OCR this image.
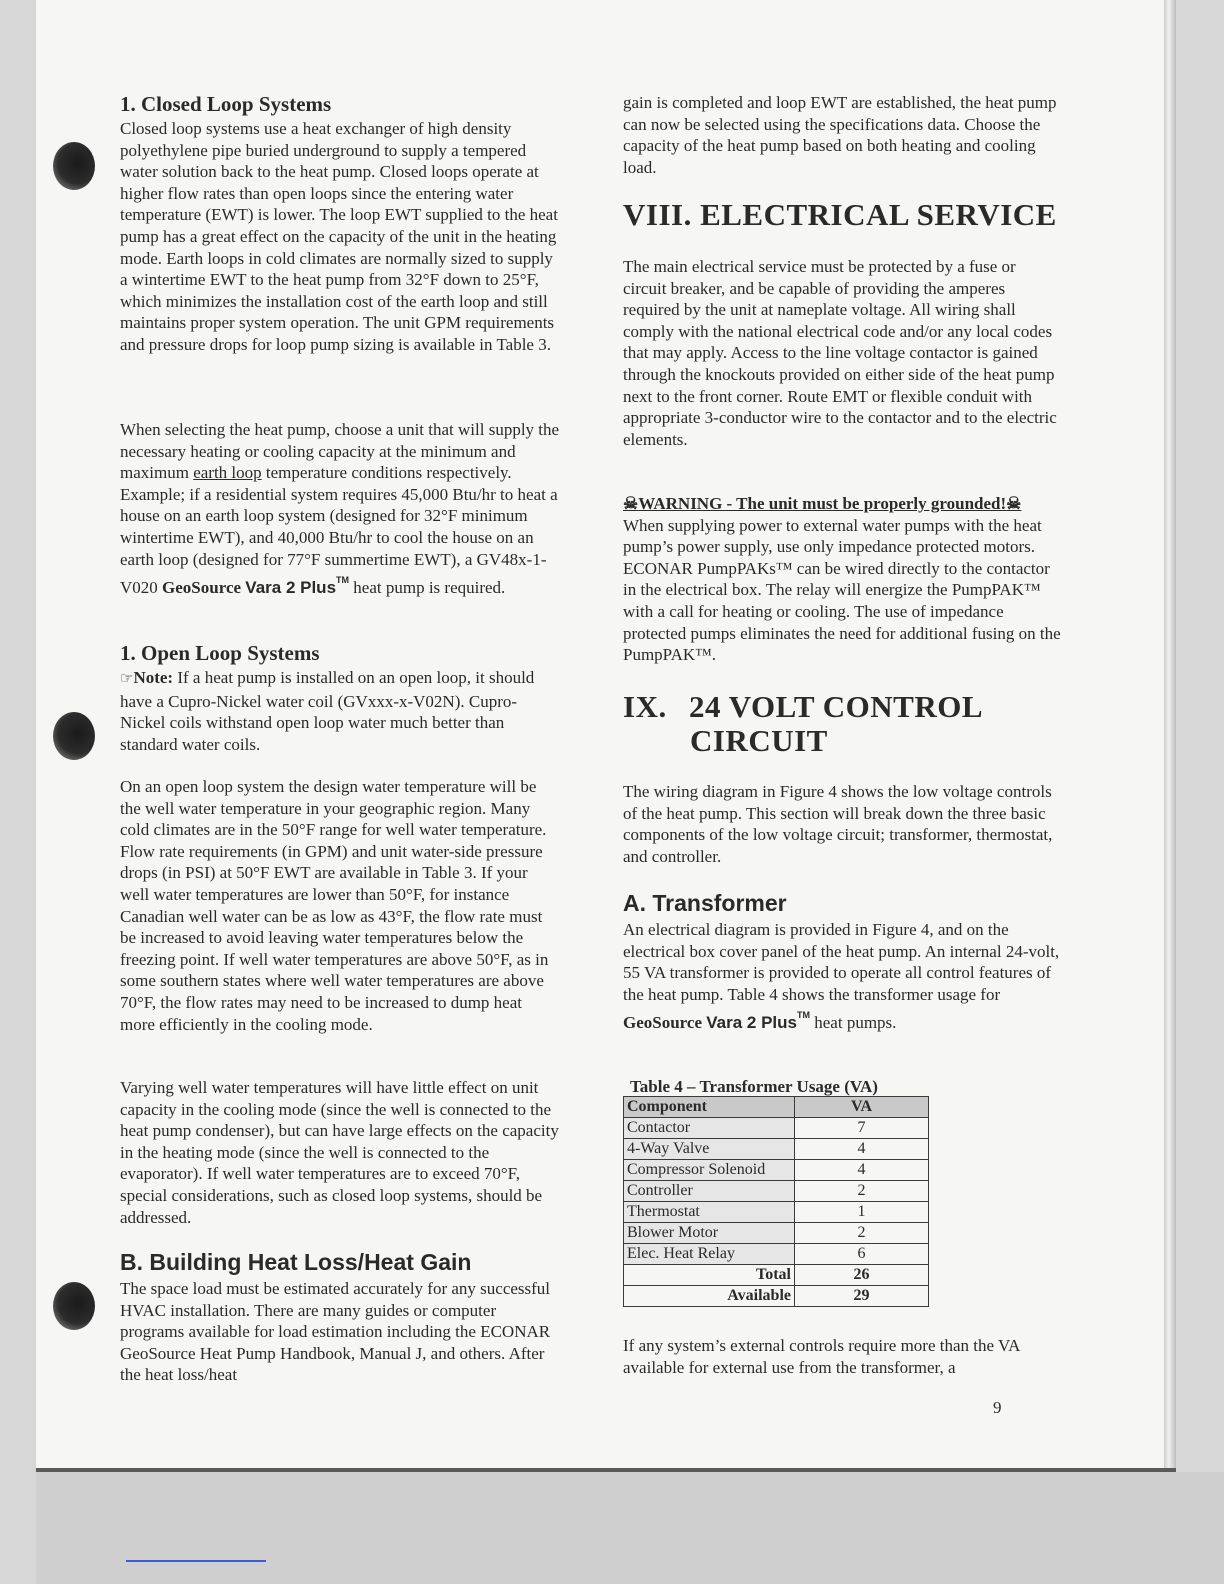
1. Closed Loop Systems

Closed loop systems use a heat exchanger of high density polyethylene pipe buried underground to supply a tempered water solution back to the heat pump. Closed loops operate at higher flow rates than open loops since the entering water temperature (EWT) is lower. The loop EWT supplied to the heat pump has a great effect on the capacity of the unit in the heating mode. Earth loops in cold climates are normally sized to supply a wintertime EWT to the heat pump from 32°F down to 25°F, which minimizes the installation cost of the earth loop and still maintains proper system operation. The unit GPM requirements and pressure drops for loop pump sizing is available in Table 3.

When selecting the heat pump, choose a unit that will supply the necessary heating or cooling capacity at the minimum and maximum earth loop temperature conditions respectively. Example; if a residential system requires 45,000 Btu/hr to heat a house on an earth loop system (designed for 32°F minimum wintertime EWT), and 40,000 Btu/hr to cool the house on an earth loop (designed for 77°F summertime EWT), a GV48x-1-V020 GeoSource Vara 2 Plus™ heat pump is required.

1. Open Loop Systems

☞Note: If a heat pump is installed on an open loop, it should have a Cupro-Nickel water coil (GVxxx-x-V02N). Cupro-Nickel coils withstand open loop water much better than standard water coils.

On an open loop system the design water temperature will be the well water temperature in your geographic region. Many cold climates are in the 50°F range for well water temperature. Flow rate requirements (in GPM) and unit water-side pressure drops (in PSI) at 50°F EWT are available in Table 3. If your well water temperatures are lower than 50°F, for instance Canadian well water can be as low as 43°F, the flow rate must be increased to avoid leaving water temperatures below the freezing point. If well water temperatures are above 50°F, as in some southern states where well water temperatures are above 70°F, the flow rates may need to be increased to dump heat more efficiently in the cooling mode.

Varying well water temperatures will have little effect on unit capacity in the cooling mode (since the well is connected to the heat pump condenser), but can have large effects on the capacity in the heating mode (since the well is connected to the evaporator). If well water temperatures are to exceed 70°F, special considerations, such as closed loop systems, should be addressed.

B. Building Heat Loss/Heat Gain

The space load must be estimated accurately for any successful HVAC installation. There are many guides or computer programs available for load estimation including the ECONAR GeoSource Heat Pump Handbook, Manual J, and others. After the heat loss/heat

gain is completed and loop EWT are established, the heat pump can now be selected using the specifications data. Choose the capacity of the heat pump based on both heating and cooling load.

VIII. ELECTRICAL SERVICE

The main electrical service must be protected by a fuse or circuit breaker, and be capable of providing the amperes required by the unit at nameplate voltage. All wiring shall comply with the national electrical code and/or any local codes that may apply. Access to the line voltage contactor is gained through the knockouts provided on either side of the heat pump next to the front corner. Route EMT or flexible conduit with appropriate 3-conductor wire to the contactor and to the electric elements.

☠WARNING - The unit must be properly grounded!☠
When supplying power to external water pumps with the heat pump’s power supply, use only impedance protected motors. ECONAR PumpPAKs™ can be wired directly to the contactor in the electrical box. The relay will energize the PumpPAK™ with a call for heating or cooling. The use of impedance protected pumps eliminates the need for additional fusing on the PumpPAK™.

IX. 24 VOLT CONTROL
CIRCUIT

The wiring diagram in Figure 4 shows the low voltage controls of the heat pump. This section will break down the three basic components of the low voltage circuit; transformer, thermostat, and controller.

A. Transformer

An electrical diagram is provided in Figure 4, and on the electrical box cover panel of the heat pump. An internal 24-volt, 55 VA transformer is provided to operate all control features of the heat pump. Table 4 shows the transformer usage for GeoSource Vara 2 Plus™ heat pumps.

Table 4 – Transformer Usage (VA)

Component	VA
Contactor	7
4-Way Valve	4
Compressor Solenoid	4
Controller	2
Thermostat	1
Blower Motor	2
Elec. Heat Relay	6
Total	26
Available	29

If any system’s external controls require more than the VA available for external use from the transformer, a

9
